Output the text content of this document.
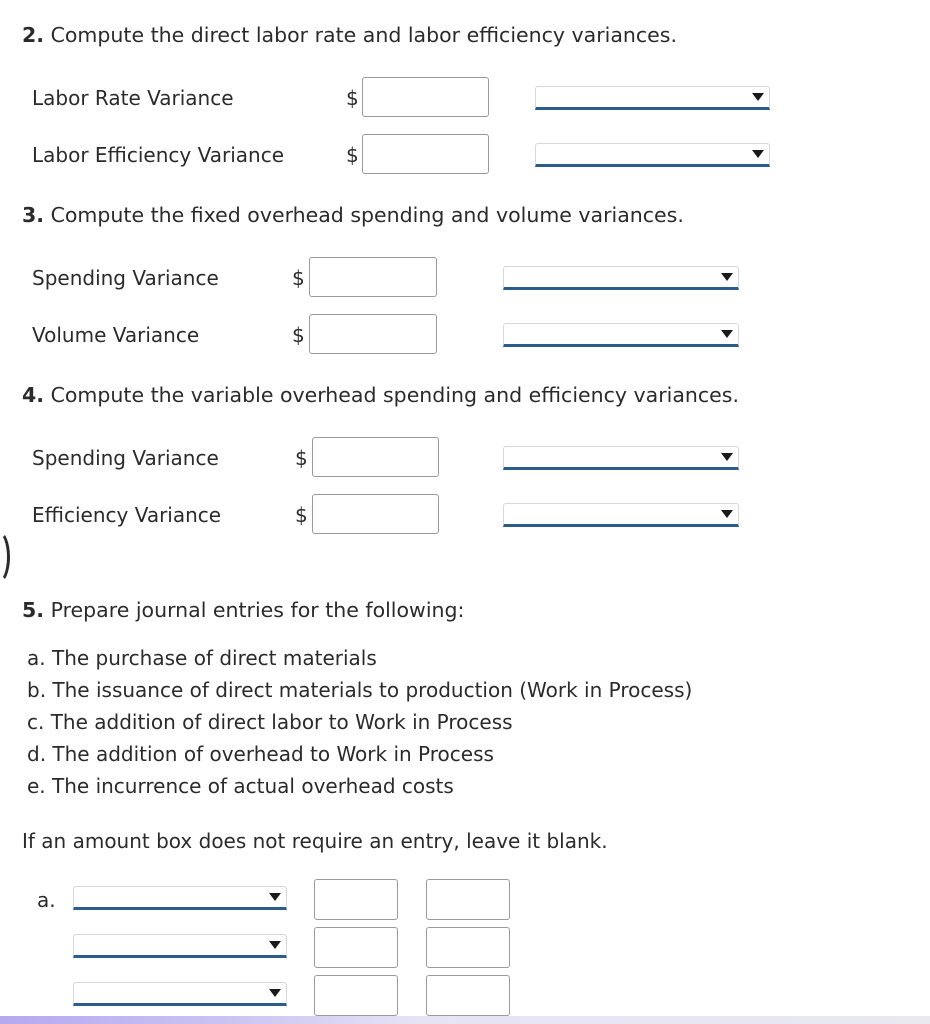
2. Compute the direct labor rate and labor efficiency variances.
Labor Rate Variance	$
Labor Efficiency Variance	$
3. Compute the fixed overhead spending and volume variances.
Spending Variance	$
Volume Variance	$
4. Compute the variable overhead spending and efficiency variances.
Spending Variance	$
Efficiency Variance	$
5. Prepare journal entries for the following:
a. The purchase of direct materials
b. The issuance of direct materials to production (Work in Process)
c. The addition of direct labor to Work in Process
d. The addition of overhead to Work in Process
e. The incurrence of actual overhead costs
If an amount box does not require an entry, leave it blank.
a.
